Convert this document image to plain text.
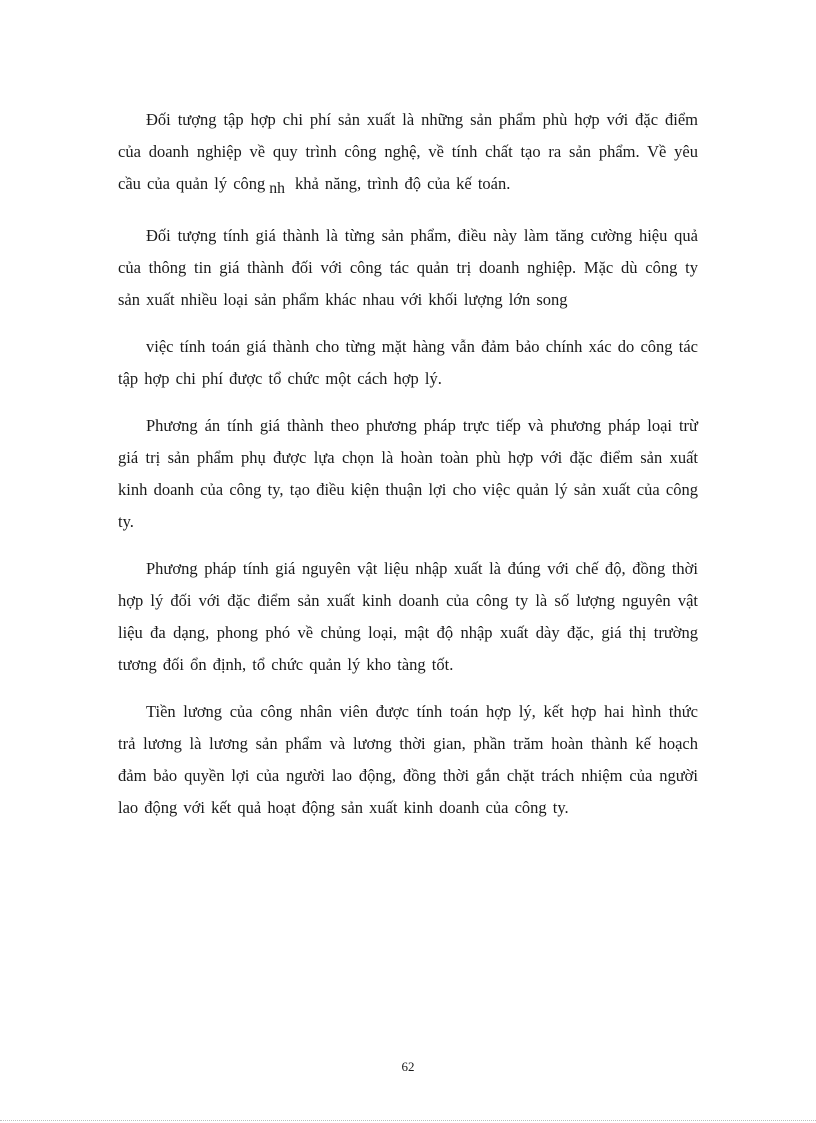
Đối tượng tập hợp chi phí sản xuất là những sản phẩm phù hợp với đặc điểm của doanh nghiệp về quy trình công nghệ, về tính chất tạo ra sản phẩm. Về yêu cầu của quản lý công nh khả năng, trình độ của kế toán.

Đối tượng tính giá thành là từng sản phẩm, điều này làm tăng cường hiệu quả của thông tin giá thành đối với công tác quản trị doanh nghiệp. Mặc dù công ty sản xuất nhiều loại sản phẩm khác nhau với khối lượng lớn song

việc tính toán giá thành cho từng mặt hàng vẫn đảm bảo chính xác do công tác tập hợp chi phí được tổ chức một cách hợp lý.

Phương án tính giá thành theo phương pháp trực tiếp và phương pháp loại trừ giá trị sản phẩm phụ được lựa chọn là hoàn toàn phù hợp với đặc điểm sản xuất kinh doanh của công ty, tạo điều kiện thuận lợi cho việc quản lý sản xuất của công ty.

Phương pháp tính giá nguyên vật liệu nhập xuất là đúng với chế độ, đồng thời hợp lý đối với đặc điểm sản xuất kinh doanh của công ty là số lượng nguyên vật liệu đa dạng, phong phó về chủng loại, mật độ nhập xuất dày đặc, giá thị trường tương đối ổn định, tổ chức quản lý kho tàng tốt.

Tiền lương của công nhân viên được tính toán hợp lý, kết hợp hai hình thức trả lương là lương sản phẩm và lương thời gian, phần trăm hoàn thành kế hoạch đảm bảo quyền lợi của người lao động, đồng thời gắn chặt trách nhiệm của người lao động với kết quả hoạt động sản xuất kinh doanh của công ty.

62
